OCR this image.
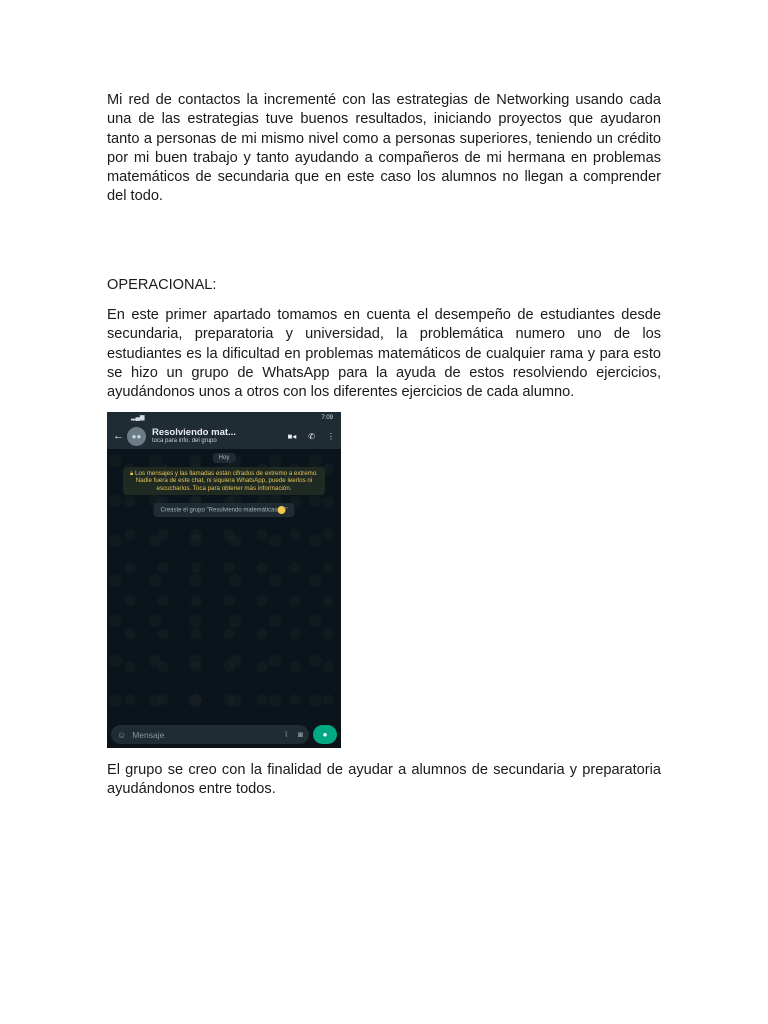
Mi red de contactos la incrementé con las estrategias de Networking usando cada una de las estrategias tuve buenos resultados, iniciando proyectos que ayudaron tanto a personas de mi mismo nivel como a personas superiores, teniendo un crédito por mi buen trabajo y tanto ayudando a compañeros de mi hermana en problemas matemáticos de secundaria que en este caso los alumnos no llegan a comprender del todo.

OPERACIONAL:

En este primer apartado tomamos en cuenta el desempeño de estudiantes desde secundaria, preparatoria y universidad, la problemática numero uno de los estudiantes es la dificultad en problemas matemáticos de cualquier rama y para esto se hizo un grupo de WhatsApp para la ayuda de estos resolviendo ejercicios, ayudándonos unos a otros con los diferentes ejercicios de cada alumno.

▂▄▆	7:09
← ●●	Resolviendo mat...
toca para info. del grupo
■◂ ✆ ⋮
Hoy
🔒︎ Los mensajes y las llamadas están cifrados de extremo a extremo. Nadie fuera de este chat, ni siquiera WhatsApp, puede leerlos ni escucharlos. Toca para obtener más información.
Creaste el grupo "Resolviendo matemáticas "
☺ Mensaje	⌇ ◙ ●

El grupo se creo con la finalidad de ayudar a alumnos de secundaria y preparatoria ayudándonos entre todos.
